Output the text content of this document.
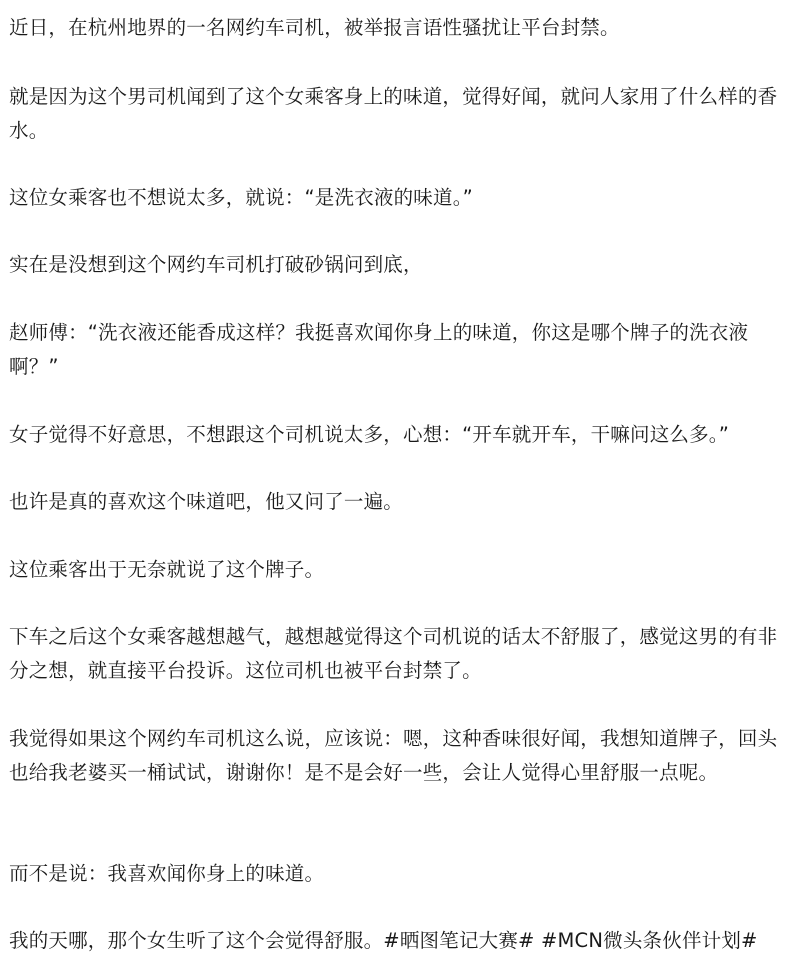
近日，在杭州地界的一名网约车司机，被举报言语性骚扰让平台封禁。

就是因为这个男司机闻到了这个女乘客身上的味道，觉得好闻，就问人家用了什么样的香水。

这位女乘客也不想说太多，就说：“是洗衣液的味道。”

实在是没想到这个网约车司机打破砂锅问到底，

赵师傅：“洗衣液还能香成这样？我挺喜欢闻你身上的味道，你这是哪个牌子的洗衣液啊？”

女子觉得不好意思，不想跟这个司机说太多，心想：“开车就开车，干嘛问这么多。”

也许是真的喜欢这个味道吧，他又问了一遍。

这位乘客出于无奈就说了这个牌子。

下车之后这个女乘客越想越气，越想越觉得这个司机说的话太不舒服了，感觉这男的有非分之想，就直接平台投诉。这位司机也被平台封禁了。

我觉得如果这个网约车司机这么说，应该说：嗯，这种香味很好闻，我想知道牌子，回头也给我老婆买一桶试试，谢谢你！是不是会好一些，会让人觉得心里舒服一点呢。

而不是说：我喜欢闻你身上的味道。

我的天哪，那个女生听了这个会觉得舒服。#晒图笔记大赛# #MCN微头条伙伴计划#
